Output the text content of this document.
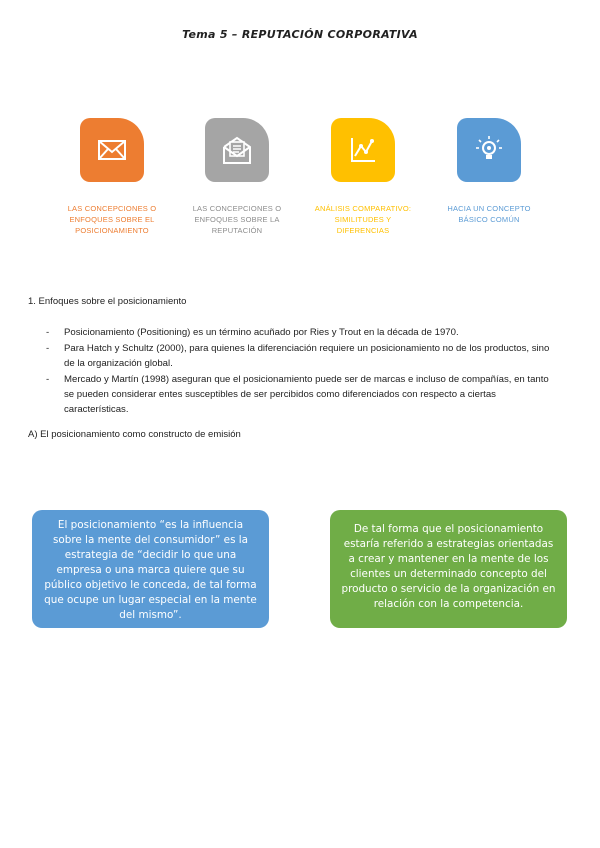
Tema 5 – REPUTACIÓN CORPORATIVA
LAS CONCEPCIONES O ENFOQUES SOBRE EL POSICIONAMIENTO
LAS CONCEPCIONES O ENFOQUES SOBRE LA REPUTACIÓN
ANÁLISIS COMPARATIVO: SIMILITUDES Y DIFERENCIAS
HACIA UN CONCEPTO BÁSICO COMÚN
1. Enfoques sobre el posicionamiento
- Posicionamiento (Positioning) es un término acuñado por Ries y Trout en la década de 1970.
- Para Hatch y Schultz (2000), para quienes la diferenciación requiere un posicionamiento no de los productos, sino de la organización global.
- Mercado y Martín (1998) aseguran que el posicionamiento puede ser de marcas e incluso de compañías, en tanto se pueden considerar entes susceptibles de ser percibidos como diferenciados con respecto a ciertas características.
A) El posicionamiento como constructo de emisión
El posicionamiento “es la influencia sobre la mente del consumidor” es la estrategia de “decidir lo que una empresa o una marca quiere que su público objetivo le conceda, de tal forma que ocupe un lugar especial en la mente del mismo”.
De tal forma que el posicionamiento estaría referido a estrategias orientadas a crear y mantener en la mente de los clientes un determinado concepto del producto o servicio de la organización en relación con la competencia.
